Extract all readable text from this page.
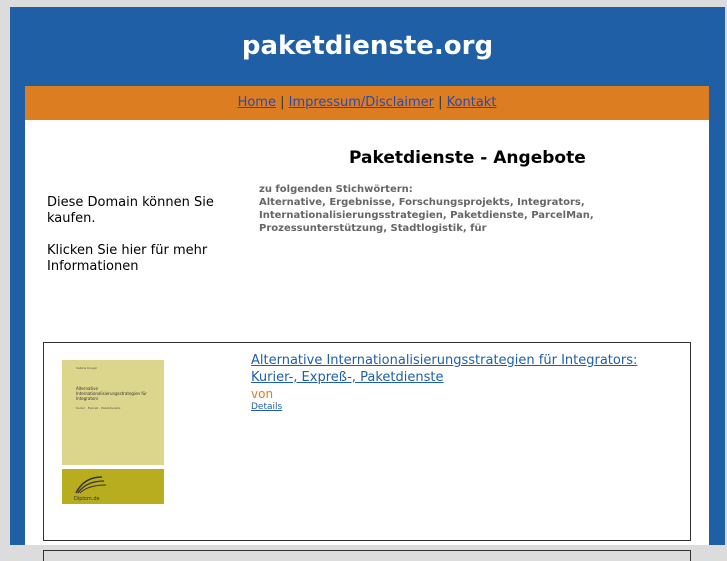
paketdienste.org
Home | Impressum/Disclaimer | Kontakt
Paketdienste - Angebote

Diese Domain können Sie kaufen.

Klicken Sie hier für mehr Informationen

zu folgenden Stichwörtern:
Alternative, Ergebnisse, Forschungsprojekts, Integrators, Internationalisierungsstrategien, Paketdienste, ParcelMan, Prozessunterstützung, Stadtlogistik, für
Sabine Kruger
Alternative Internationalisierungsstrategien für Integrators
Kurier · Expreß · Paketdienste
Diplom.de
Alternative Internationalisierungsstrategien für Integrators: Kurier-, Expreß-, Paketdienste
von
Details
